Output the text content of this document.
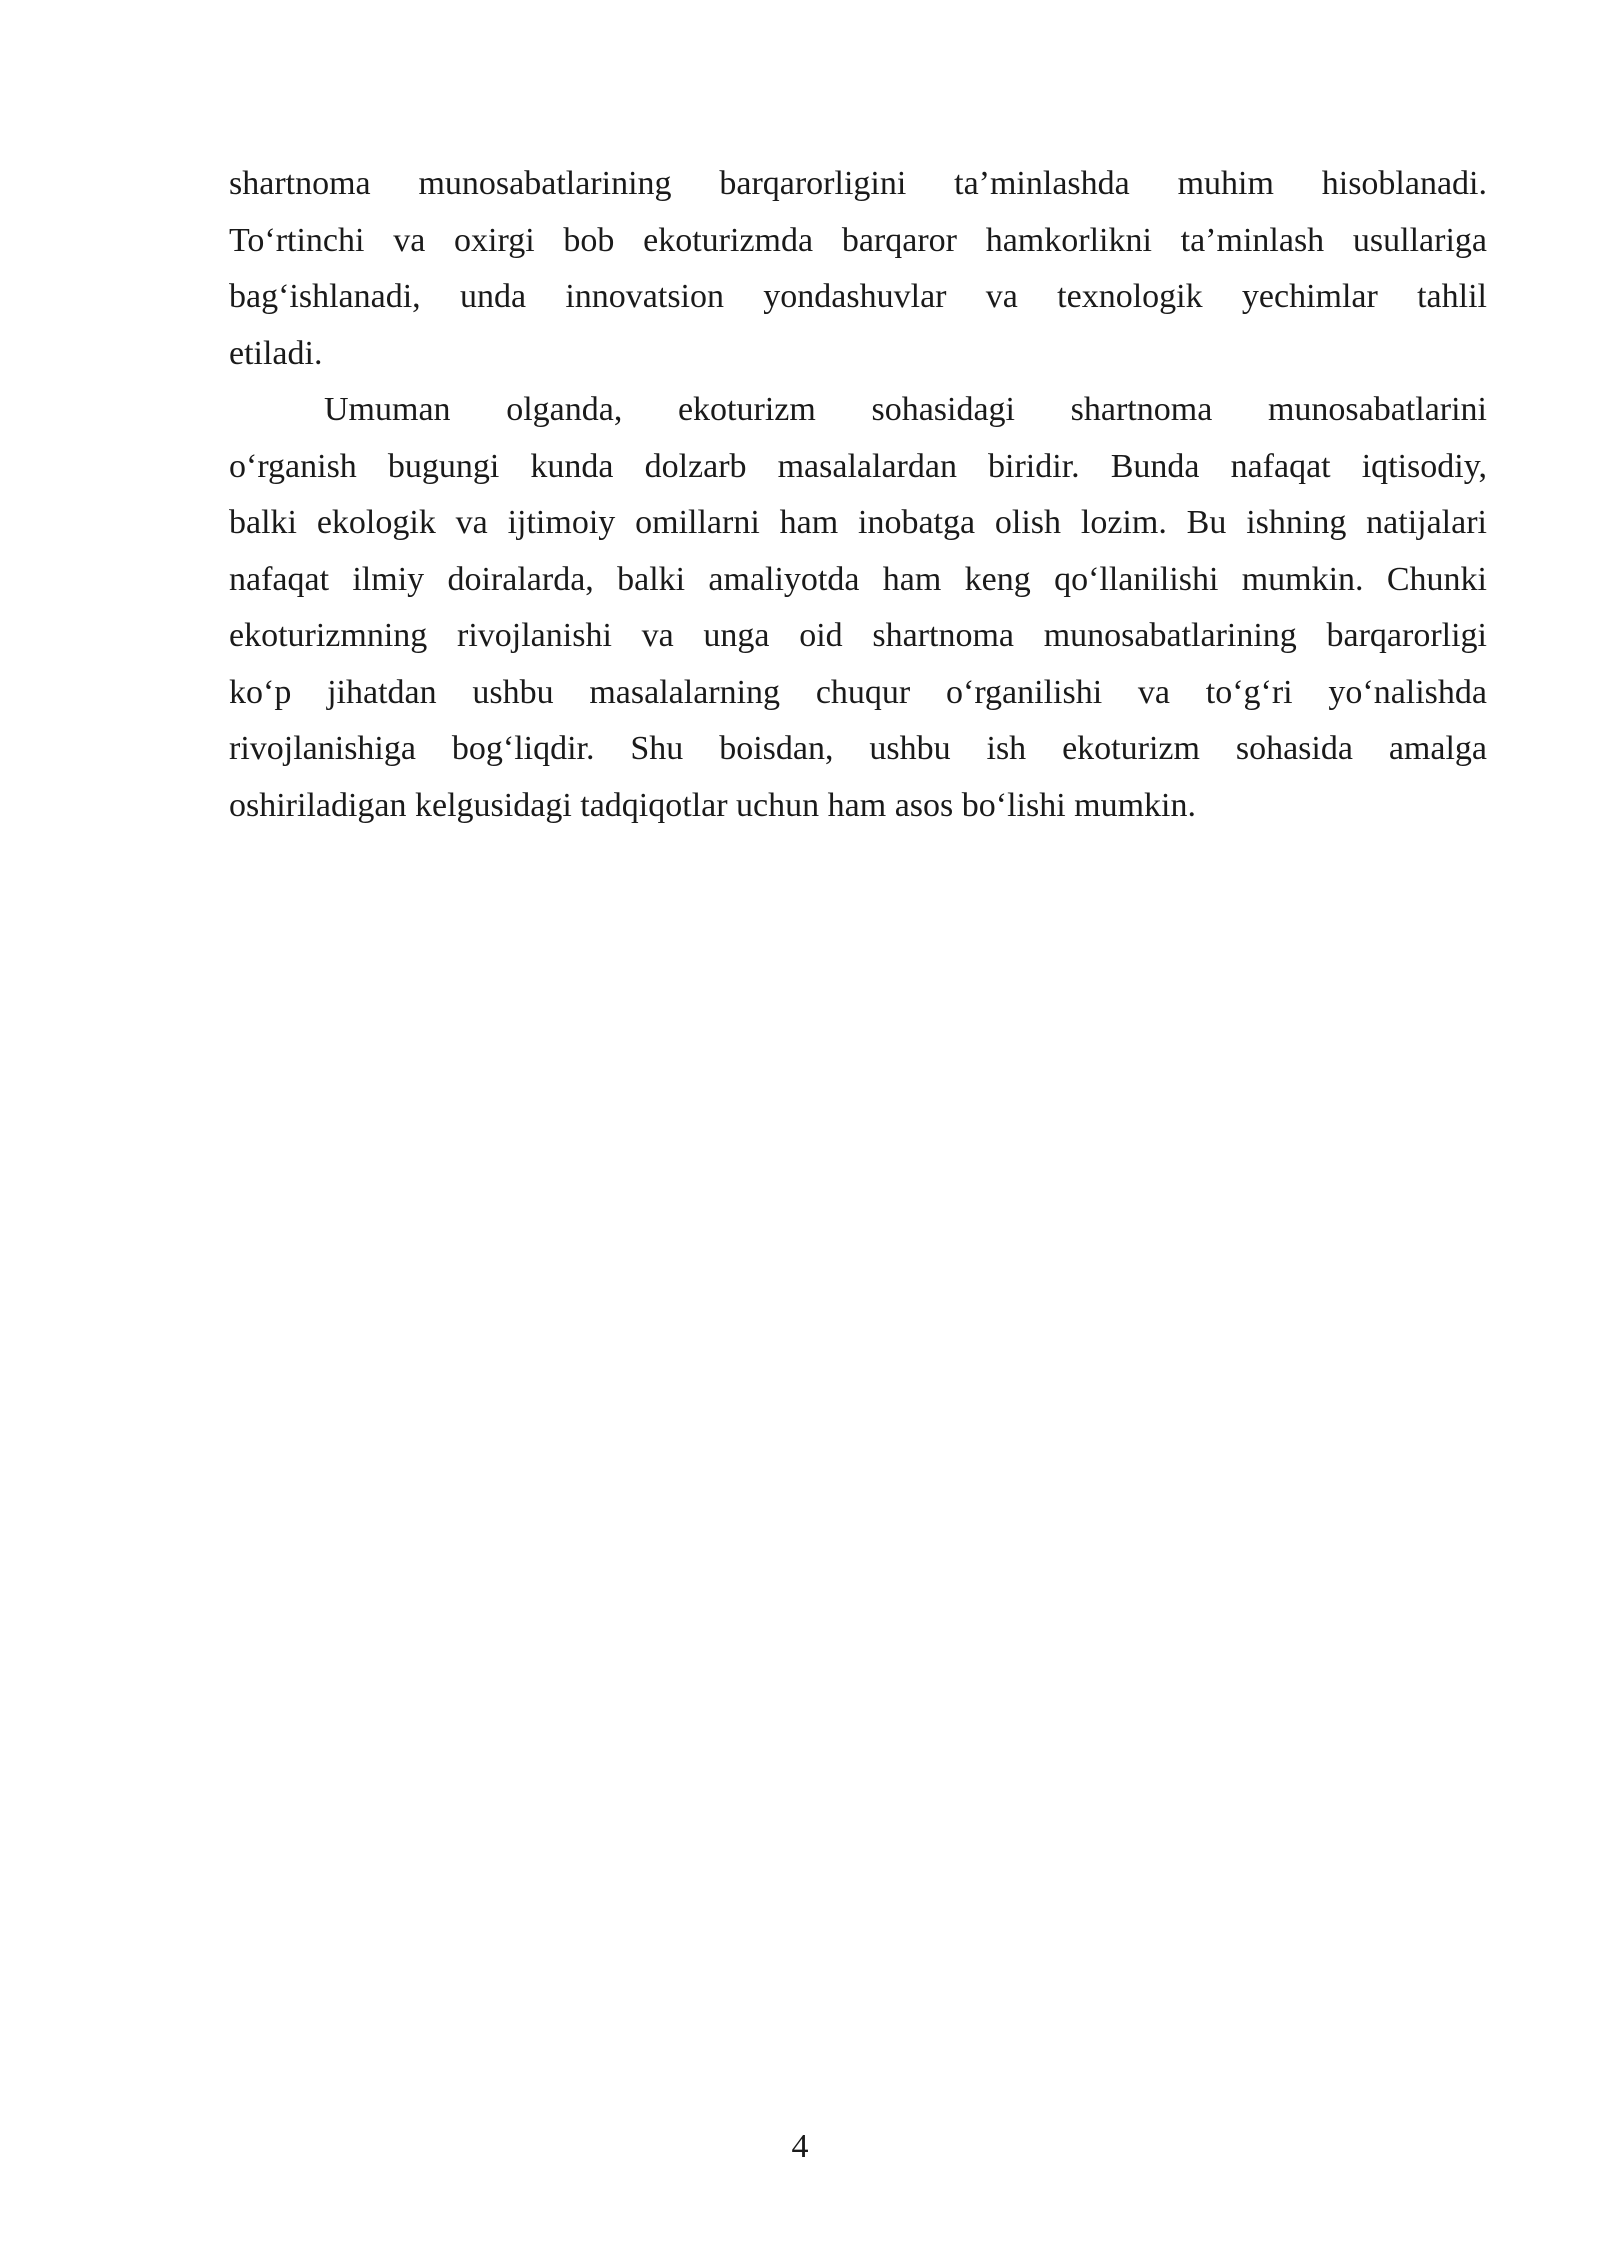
shartnoma munosabatlarining barqarorligini ta’minlashda muhim hisoblanadi.
To‘rtinchi va oxirgi bob ekoturizmda barqaror hamkorlikni ta’minlash usullariga
bag‘ishlanadi, unda innovatsion yondashuvlar va texnologik yechimlar tahlil
etiladi.
Umuman olganda, ekoturizm sohasidagi shartnoma munosabatlarini
o‘rganish bugungi kunda dolzarb masalalardan biridir. Bunda nafaqat iqtisodiy,
balki ekologik va ijtimoiy omillarni ham inobatga olish lozim. Bu ishning natijalari
nafaqat ilmiy doiralarda, balki amaliyotda ham keng qo‘llanilishi mumkin. Chunki
ekoturizmning rivojlanishi va unga oid shartnoma munosabatlarining barqarorligi
ko‘p jihatdan ushbu masalalarning chuqur o‘rganilishi va to‘g‘ri yo‘nalishda
rivojlanishiga bog‘liqdir. Shu boisdan, ushbu ish ekoturizm sohasida amalga
oshiriladigan kelgusidagi tadqiqotlar uchun ham asos bo‘lishi mumkin.
4
